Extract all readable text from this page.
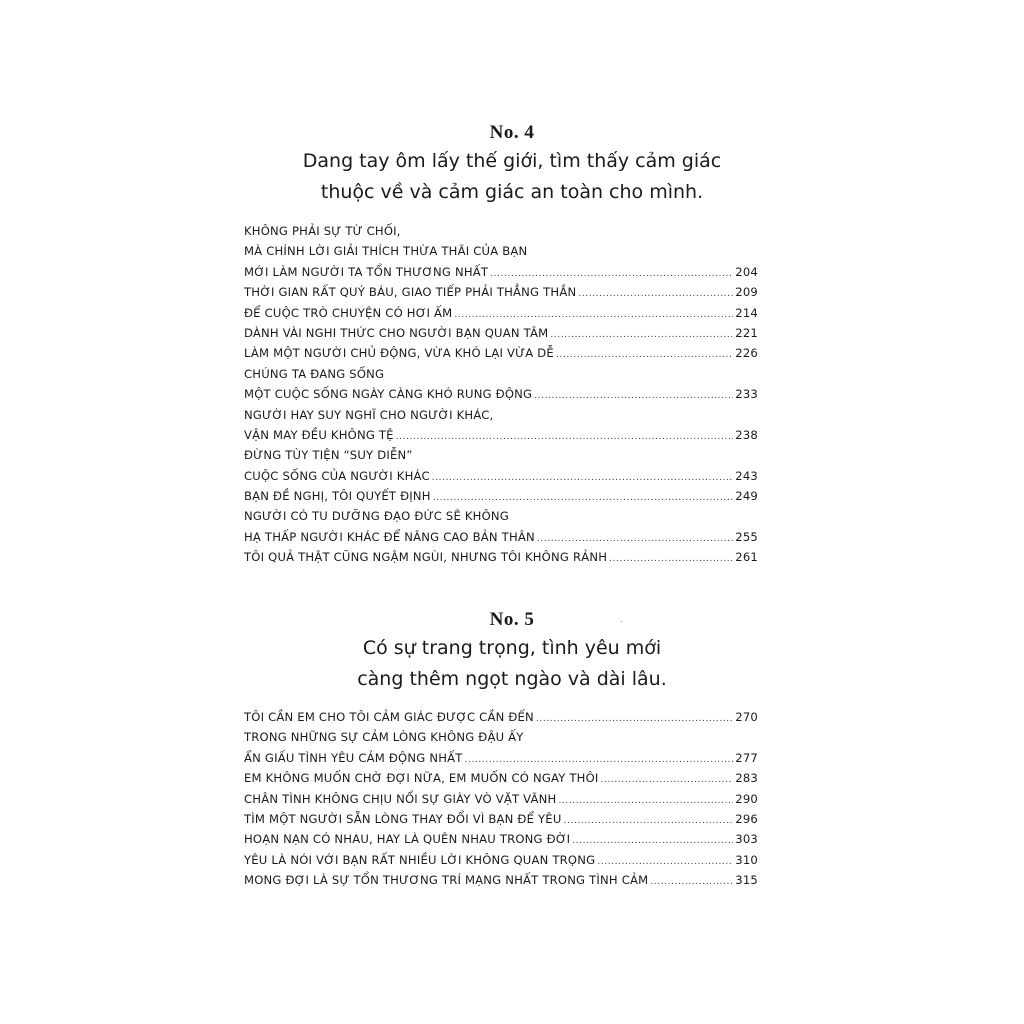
No. 4
Dang tay ôm lấy thế giới, tìm thấy cảm giác
thuộc về và cảm giác an toàn cho mình.
KHÔNG PHẢI SỰ TỪ CHỐI,
MÀ CHÍNH LỜI GIẢI THÍCH THỪA THÃI CỦA BẠN
MỚI LÀM NGƯỜI TA TỔN THƯƠNG NHẤT .....	204
THỜI GIAN RẤT QUÝ BÁU, GIAO TIẾP PHẢI THẲNG THẮN .....	209
ĐỂ CUỘC TRÒ CHUYỆN CÓ HƠI ẤM .....	214
DÀNH VÀI NGHI THỨC CHO NGƯỜI BẠN QUAN TÂM .....	221
LÀM MỘT NGƯỜI CHỦ ĐỘNG, VỪA KHÓ LẠI VỪA DỄ .....	226
CHÚNG TA ĐANG SỐNG
MỘT CUỘC SỐNG NGÀY CÀNG KHÓ RUNG ĐỘNG .....	233
NGƯỜI HAY SUY NGHĨ CHO NGƯỜI KHÁC,
VẬN MAY ĐỀU KHÔNG TỆ .....	238
ĐỪNG TÙY TIỆN “SUY DIỄN”
CUỘC SỐNG CỦA NGƯỜI KHÁC .....	243
BẠN ĐỀ NGHỊ, TÔI QUYẾT ĐỊNH .....	249
NGƯỜI CÓ TU DƯỠNG ĐẠO ĐỨC SẼ KHÔNG
HẠ THẤP NGƯỜI KHÁC ĐỂ NÂNG CAO BẢN THÂN .....	255
TÔI QUẢ THẬT CŨNG NGẬM NGÙI, NHƯNG TÔI KHÔNG RẢNH .....	261
No. 5
Có sự trang trọng, tình yêu mới
càng thêm ngọt ngào và dài lâu.
TÔI CẦN EM CHO TÔI CẢM GIÁC ĐƯỢC CẦN ĐẾN .....	270
TRONG NHỮNG SỰ CẢM LÒNG KHÔNG ĐẬU ẤY
ẨN GIẤU TÌNH YÊU CẢM ĐỘNG NHẤT .....	277
EM KHÔNG MUỐN CHỜ ĐỢI NỮA, EM MUỐN CÓ NGAY THÔI .....	283
CHÂN TÌNH KHÔNG CHỊU NỔI SỰ GIÀY VÒ VẶT VÃNH .....	290
TÌM MỘT NGƯỜI SẴN LÒNG THAY ĐỔI VÌ BẠN ĐỂ YÊU .....	296
HOẠN NẠN CÓ NHAU, HAY LÀ QUÊN NHAU TRONG ĐỜI .....	303
YÊU LÀ NÓI VỚI BẠN RẤT NHIỀU LỜI KHÔNG QUAN TRỌNG .....	310
MONG ĐỢI LÀ SỰ TỔN THƯƠNG TRÍ MẠNG NHẤT TRONG TÌNH CẢM .....	315
